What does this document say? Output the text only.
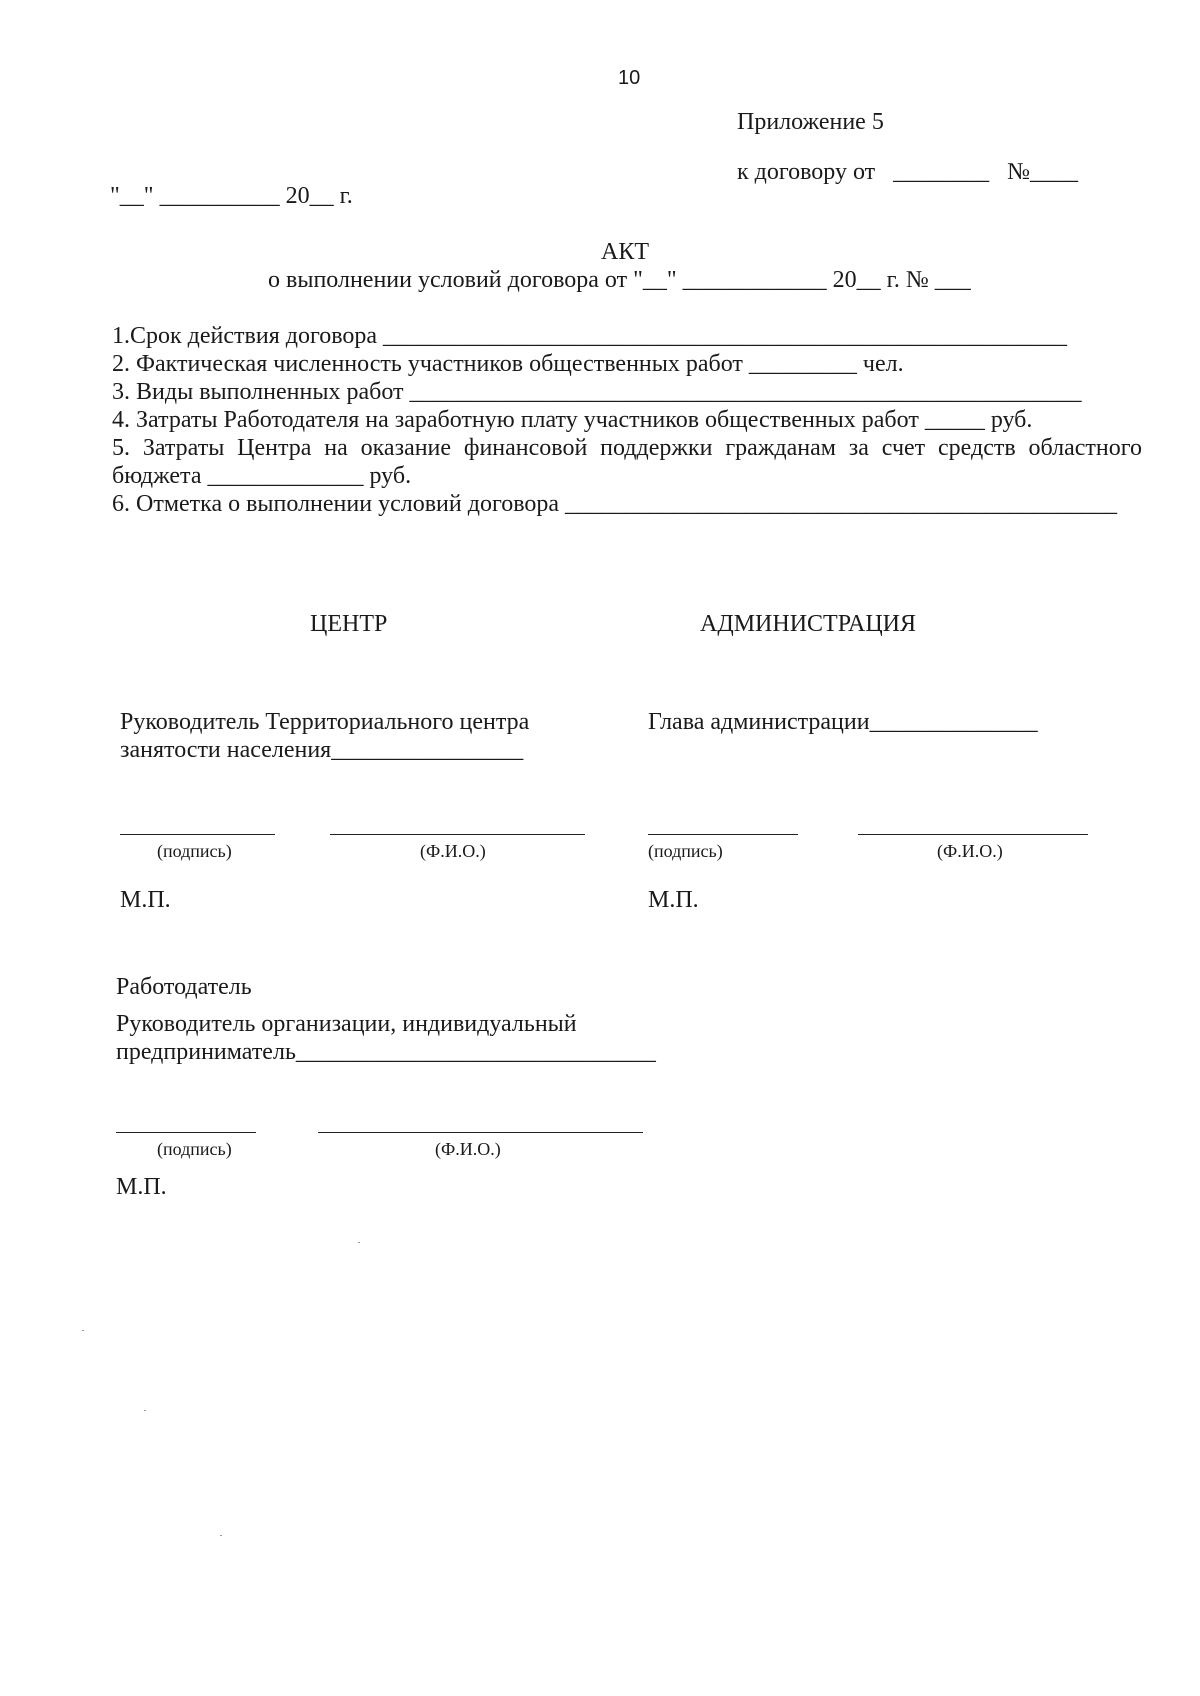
10
Приложение 5
к договору от   ________   №____
"__" __________ 20__ г.
АКТ
о выполнении условий договора от "__" ____________ 20__ г. № ___
1.Срок действия договора _________________________________________________________
2. Фактическая численность участников общественных работ _________ чел.
3. Виды выполненных работ ________________________________________________________
4. Затраты Работодателя на заработную плату участников общественных работ _____ руб.
5. Затраты Центра на оказание финансовой поддержки гражданам за счет средств областного
бюджета _____________ руб.
6. Отметка о выполнении условий договора ______________________________________________
ЦЕНТР	АДМИНИСТРАЦИЯ
Руководитель Территориального центра
занятости населения________________
(подпись)	(Ф.И.О.)
М.П.
Глава администрации______________
(подпись)	(Ф.И.О.)
М.П.
Работодатель
Руководитель организации, индивидуальный
предприниматель______________________________
(подпись)	(Ф.И.О.)
М.П.
